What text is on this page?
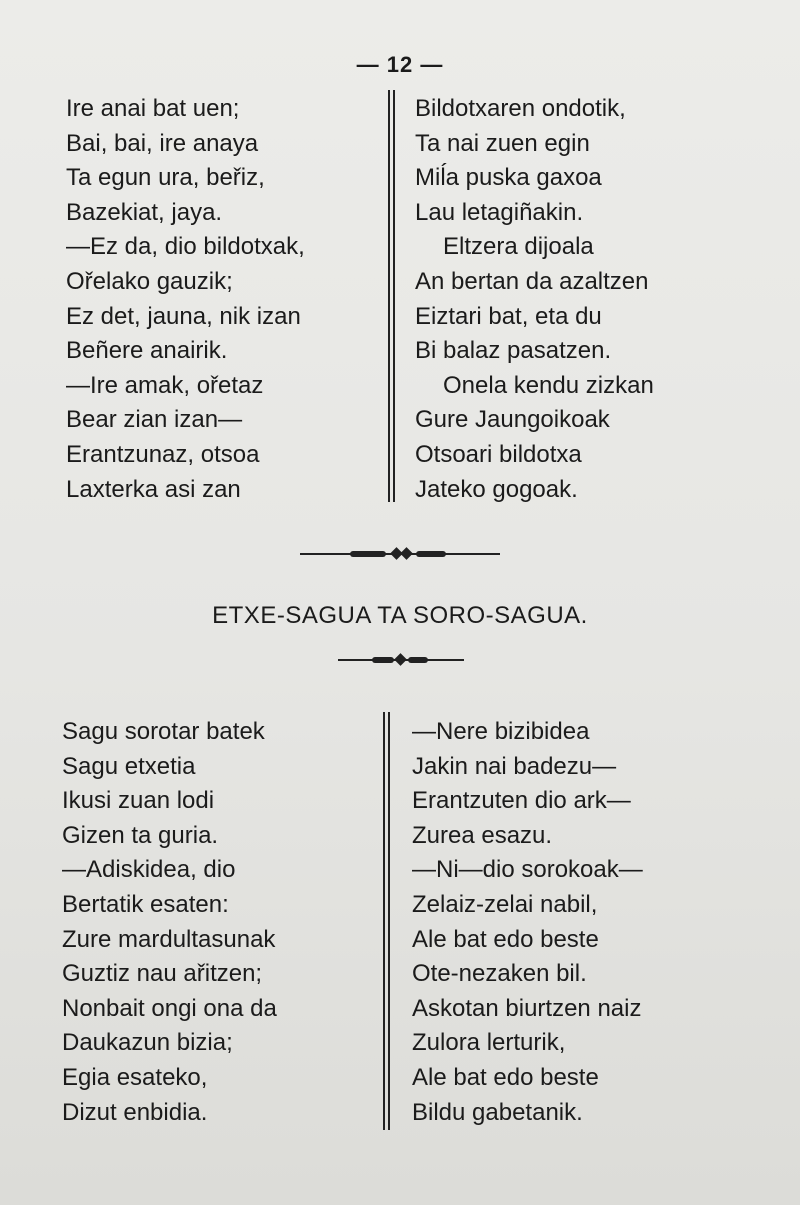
— 12 —
Ire anai bat uen;
Bai, bai, ire anaya
Ta egun ura, beřiz,
Bazekiat, jaya.
—Ez da, dio bildotxak,
Ořelako gauzik;
Ez det, jauna, nik izan
Beñere anairik.
—Ire amak, ořetaz
Bear zian izan—
Erantzunaz, otsoa
Laxterka asi zan
Bildotxaren ondotik,
Ta nai zuen egin
Miĺa puska gaxoa
Lau letagiñakin.
Eltzera dijoala
An bertan da azaltzen
Eiztari bat, eta du
Bi balaz pasatzen.
Onela kendu zizkan
Gure Jaungoikoak
Otsoari bildotxa
Jateko gogoak.
ETXE-SAGUA TA SORO-SAGUA.
Sagu sorotar batek
Sagu etxetia
Ikusi zuan lodi
Gizen ta guria.
—Adiskidea, dio
Bertatik esaten:
Zure mardultasunak
Guztiz nau ařitzen;
Nonbait ongi ona da
Daukazun bizia;
Egia esateko,
Dizut enbidia.
—Nere bizibidea
Jakin nai badezu—
Erantzuten dio ark—
Zurea esazu.
—Ni—dio sorokoak—
Zelaiz-zelai nabil,
Ale bat edo beste
Ote-nezaken bil.
Askotan biurtzen naiz
Zulora lerturik,
Ale bat edo beste
Bildu gabetanik.
